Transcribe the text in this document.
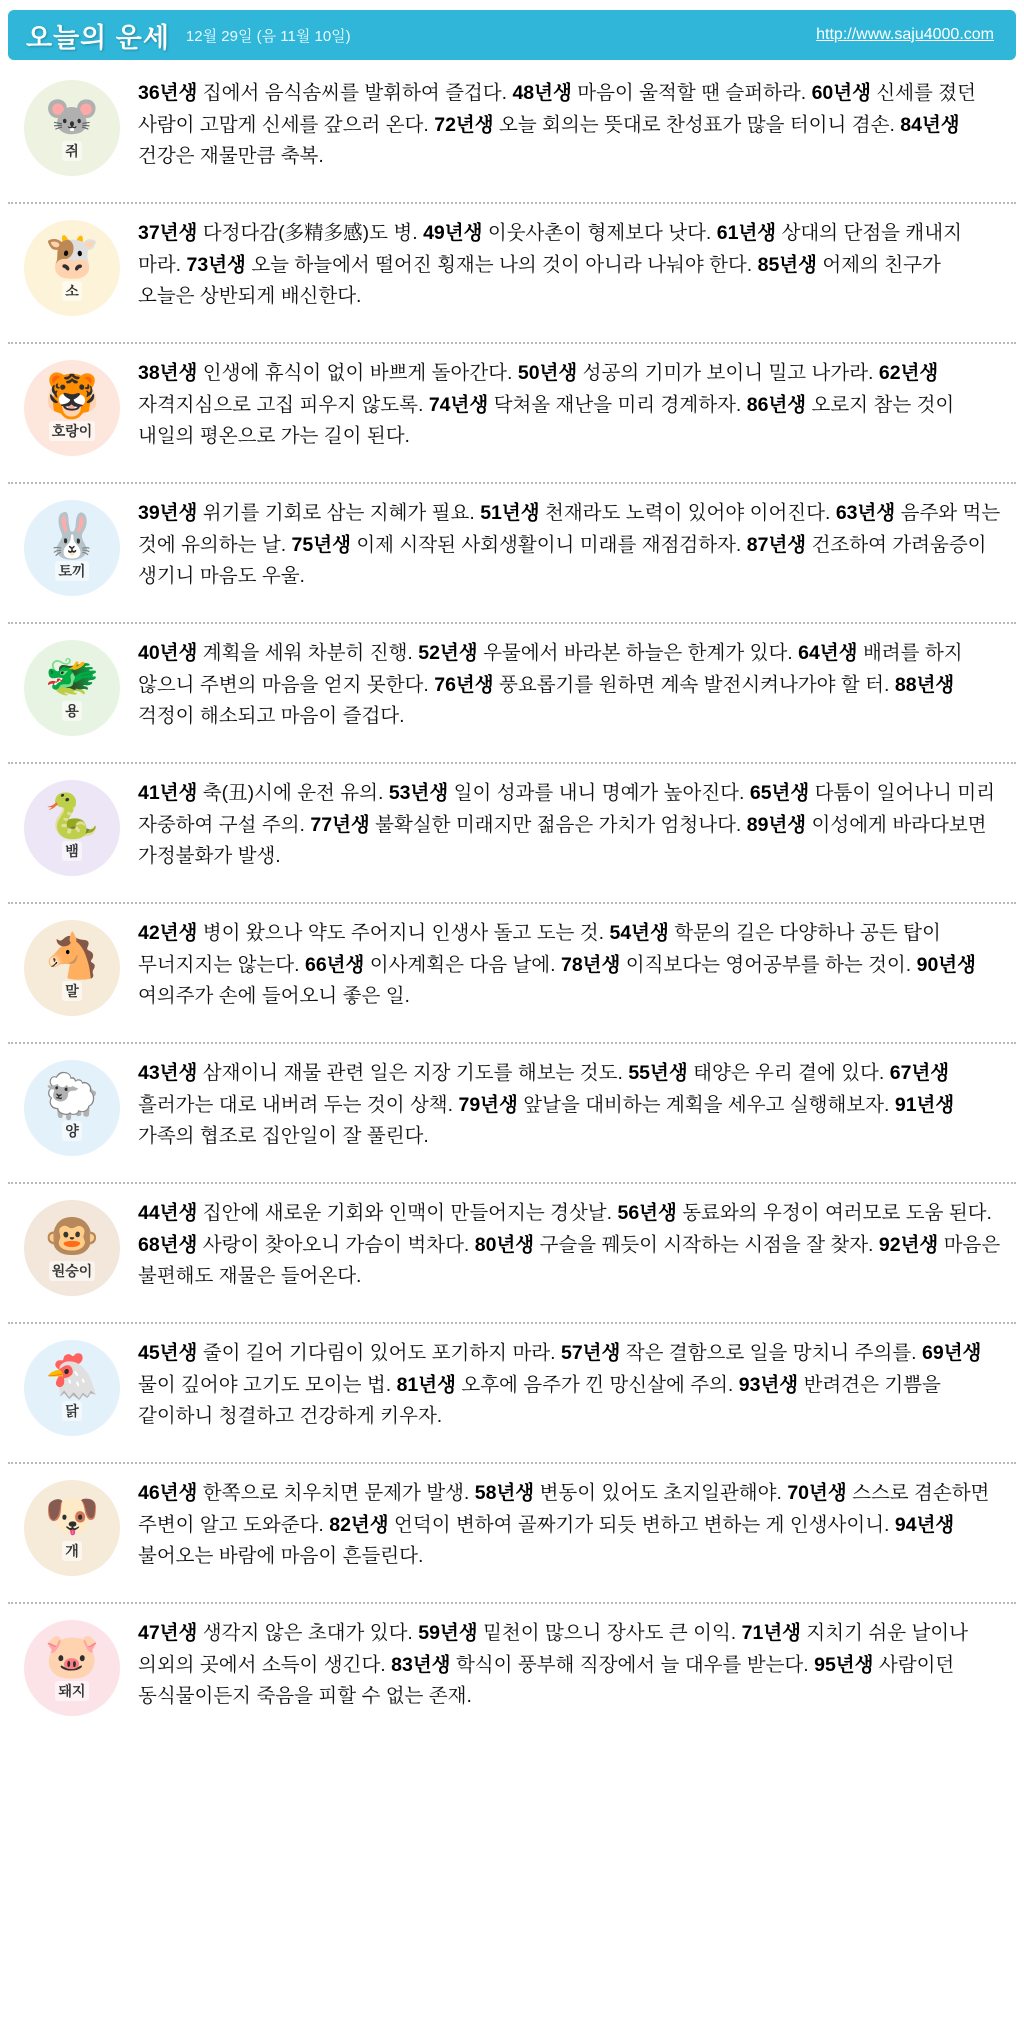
오늘의 운세 12월 29일 (음 11월 10일)	http://www.saju4000.com
🐭
쥐
36년생 집에서 음식솜씨를 발휘하여 즐겁다. 48년생 마음이 울적할 땐 슬퍼하라. 60년생 신세를 졌던 사람이 고맙게 신세를 갚으러 온다. 72년생 오늘 회의는 뜻대로 찬성표가 많을 터이니 겸손. 84년생 건강은 재물만큼 축복.
🐮
소
37년생 다정다감(多精多感)도 병. 49년생 이웃사촌이 형제보다 낫다. 61년생 상대의 단점을 캐내지 마라. 73년생 오늘 하늘에서 떨어진 횡재는 나의 것이 아니라 나눠야 한다. 85년생 어제의 친구가 오늘은 상반되게 배신한다.
🐯
호랑이
38년생 인생에 휴식이 없이 바쁘게 돌아간다. 50년생 성공의 기미가 보이니 밀고 나가라. 62년생 자격지심으로 고집 피우지 않도록. 74년생 닥쳐올 재난을 미리 경계하자. 86년생 오로지 참는 것이 내일의 평온으로 가는 길이 된다.
🐰
토끼
39년생 위기를 기회로 삼는 지혜가 필요. 51년생 천재라도 노력이 있어야 이어진다. 63년생 음주와 먹는 것에 유의하는 날. 75년생 이제 시작된 사회생활이니 미래를 재점검하자. 87년생 건조하여 가려움증이 생기니 마음도 우울.
🐲
용
40년생 계획을 세워 차분히 진행. 52년생 우물에서 바라본 하늘은 한계가 있다. 64년생 배려를 하지 않으니 주변의 마음을 얻지 못한다. 76년생 풍요롭기를 원하면 계속 발전시켜나가야 할 터. 88년생 걱정이 해소되고 마음이 즐겁다.
🐍
뱀
41년생 축(丑)시에 운전 유의. 53년생 일이 성과를 내니 명예가 높아진다. 65년생 다툼이 일어나니 미리 자중하여 구설 주의. 77년생 불확실한 미래지만 젊음은 가치가 엄청나다. 89년생 이성에게 바라다보면 가정불화가 발생.
🐴
말
42년생 병이 왔으나 약도 주어지니 인생사 돌고 도는 것. 54년생 학문의 길은 다양하나 공든 탑이 무너지지는 않는다. 66년생 이사계획은 다음 날에. 78년생 이직보다는 영어공부를 하는 것이. 90년생 여의주가 손에 들어오니 좋은 일.
🐑
양
43년생 삼재이니 재물 관련 일은 지장 기도를 해보는 것도. 55년생 태양은 우리 곁에 있다. 67년생 흘러가는 대로 내버려 두는 것이 상책. 79년생 앞날을 대비하는 계획을 세우고 실행해보자. 91년생 가족의 협조로 집안일이 잘 풀린다.
🐵
원숭이
44년생 집안에 새로운 기회와 인맥이 만들어지는 경삿날. 56년생 동료와의 우정이 여러모로 도움 된다. 68년생 사랑이 찾아오니 가슴이 벅차다. 80년생 구슬을 꿰듯이 시작하는 시점을 잘 찾자. 92년생 마음은 불편해도 재물은 들어온다.
🐔
닭
45년생 줄이 길어 기다림이 있어도 포기하지 마라. 57년생 작은 결함으로 일을 망치니 주의를. 69년생 물이 깊어야 고기도 모이는 법. 81년생 오후에 음주가 낀 망신살에 주의. 93년생 반려견은 기쁨을 같이하니 청결하고 건강하게 키우자.
🐶
개
46년생 한쪽으로 치우치면 문제가 발생. 58년생 변동이 있어도 초지일관해야. 70년생 스스로 겸손하면 주변이 알고 도와준다. 82년생 언덕이 변하여 골짜기가 되듯 변하고 변하는 게 인생사이니. 94년생 불어오는 바람에 마음이 흔들린다.
🐷
돼지
47년생 생각지 않은 초대가 있다. 59년생 밑천이 많으니 장사도 큰 이익. 71년생 지치기 쉬운 날이나 의외의 곳에서 소득이 생긴다. 83년생 학식이 풍부해 직장에서 늘 대우를 받는다. 95년생 사람이던 동식물이든지 죽음을 피할 수 없는 존재.
